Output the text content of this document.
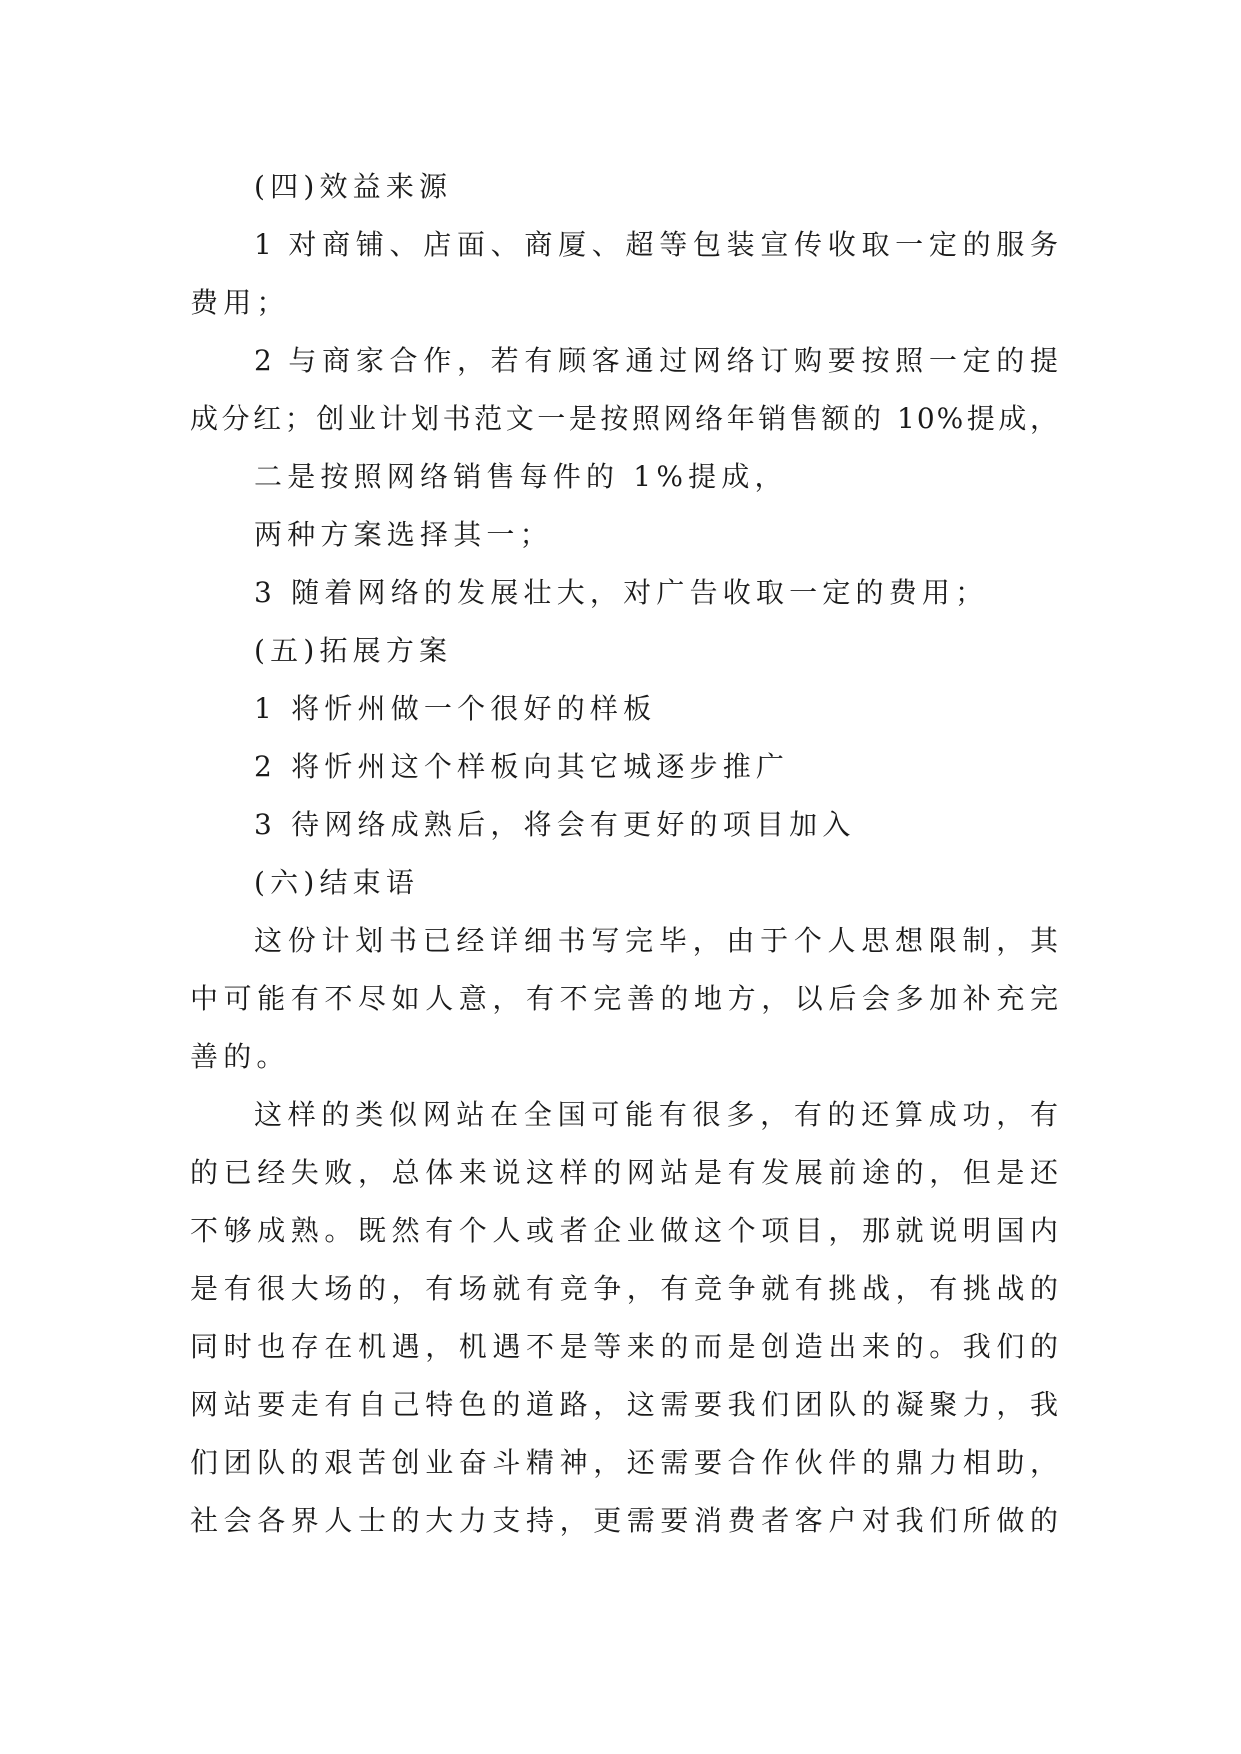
(四)效益来源
1 对商铺、店面、商厦、超等包装宣传收取一定的服务
费用；
2 与商家合作，若有顾客通过网络订购要按照一定的提
成分红；创业计划书范文一是按照网络年销售额的 10%提成，
二是按照网络销售每件的 1%提成，
两种方案选择其一；
3 随着网络的发展壮大，对广告收取一定的费用；
(五)拓展方案
1 将忻州做一个很好的样板
2 将忻州这个样板向其它城逐步推广
3 待网络成熟后，将会有更好的项目加入
(六)结束语
这份计划书已经详细书写完毕，由于个人思想限制，其
中可能有不尽如人意，有不完善的地方，以后会多加补充完
善的。
这样的类似网站在全国可能有很多，有的还算成功，有
的已经失败，总体来说这样的网站是有发展前途的，但是还
不够成熟。既然有个人或者企业做这个项目，那就说明国内
是有很大场的，有场就有竞争，有竞争就有挑战，有挑战的
同时也存在机遇，机遇不是等来的而是创造出来的。我们的
网站要走有自己特色的道路，这需要我们团队的凝聚力，我
们团队的艰苦创业奋斗精神，还需要合作伙伴的鼎力相助，
社会各界人士的大力支持，更需要消费者客户对我们所做的
